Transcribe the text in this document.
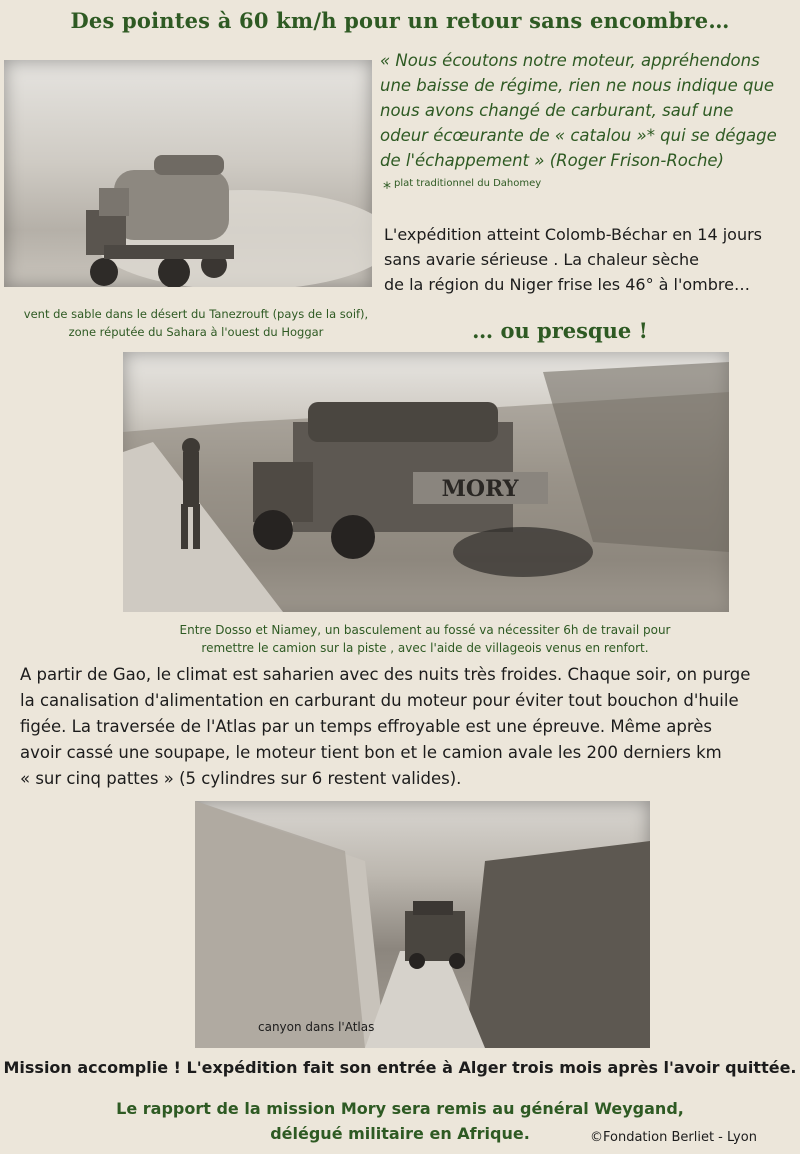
Des pointes à 60 km/h pour un retour sans encombre…
« Nous écoutons notre moteur, appréhendons
une baisse de régime, rien ne nous indique que
nous avons changé de carburant, sauf une
odeur écœurante de « catalou »* qui se dégage
de l'échappement » (Roger Frison-Roche)
* plat traditionnel du Dahomey
L'expédition atteint Colomb-Béchar en 14 jours
sans avarie sérieuse . La chaleur sèche
de la région du Niger frise les 46° à l'ombre…
vent de sable dans le désert du Tanezrouft (pays de la soif),
zone réputée du Sahara à l'ouest du Hoggar	… ou presque !
MORY
Entre Dosso et Niamey, un basculement au fossé va nécessiter 6h de travail pour
remettre le camion sur la piste , avec l'aide de villageois venus en renfort.
A partir de Gao, le climat est saharien avec des nuits très froides. Chaque soir, on purge
la canalisation d'alimentation en carburant du moteur pour éviter tout bouchon d'huile
figée. La traversée de l'Atlas par un temps effroyable est une épreuve. Même après
avoir cassé une soupape, le moteur tient bon et le camion avale les 200 derniers km
« sur cinq pattes » (5 cylindres sur 6 restent valides).
canyon dans l'Atlas
Mission accomplie ! L'expédition fait son entrée à Alger trois mois après l'avoir quittée.
Le rapport de la mission Mory sera remis au général Weygand,
délégué militaire en Afrique.	©Fondation Berliet - Lyon
